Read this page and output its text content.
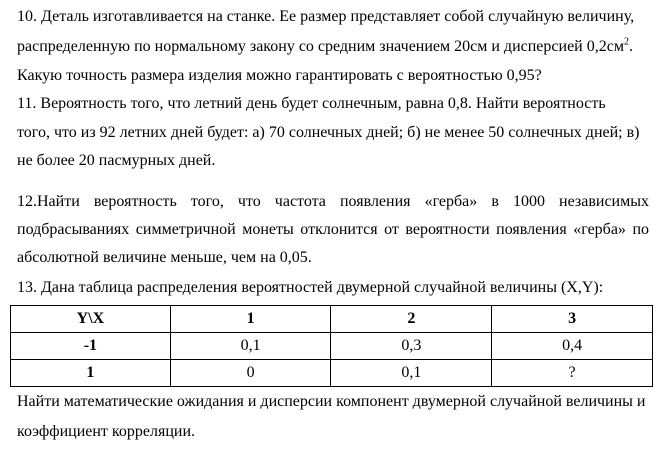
10. Деталь изготавливается на станке. Ее размер представляет собой случайную величину,
распределенную по нормальному закону со средним значением 20см и дисперсией $0,2см^2$.
Какую точность размера изделия можно гарантировать с вероятностью 0,95?
11. Вероятность того, что летний день будет солнечным, равна 0,8. Найти вероятность
того, что из 92 летних дней будет: а) 70 солнечных дней; б) не менее 50 солнечных дней; в)
не более 20 пасмурных дней.
12.Найти вероятность того, что частота появления «герба» в 1000 независимых
подбрасываниях симметричной монеты отклонится от вероятности появления «герба» по
абсолютной величине меньше, чем на 0,05.
13. Дана таблица распределения вероятностей двумерной случайной величины (X,Y):
Y\X	1	2	3
-1	0,1	0,3	0,4
1	0	0,1	?
Найти математические ожидания и дисперсии компонент двумерной случайной величины и
коэффициент корреляции.
